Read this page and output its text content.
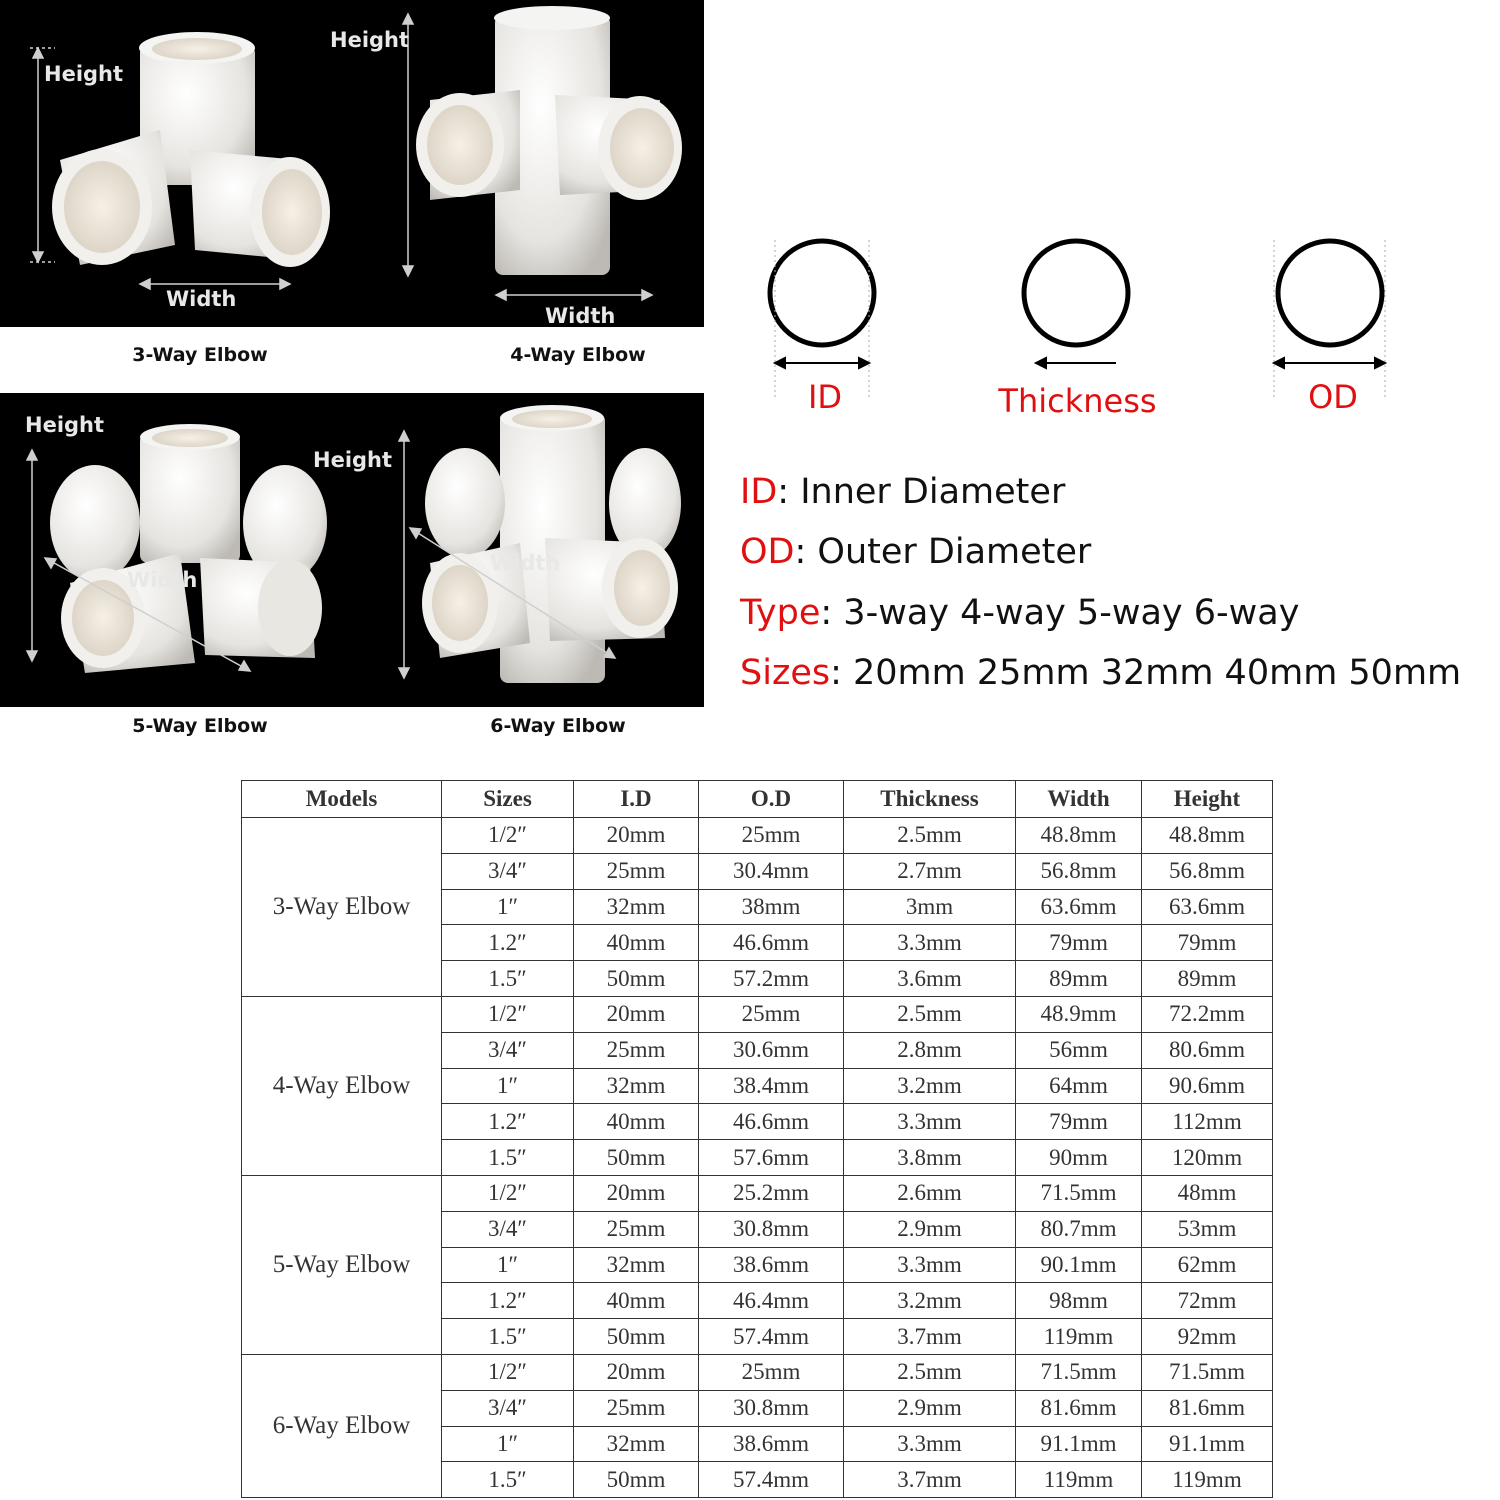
Height
Width
Height
Width
3-Way Elbow	4-Way Elbow
Height
Width
Height
Width
5-Way Elbow	6-Way Elbow
ID	Thickness	OD
ID: Inner Diameter
OD: Outer Diameter
Type: 3-way 4-way 5-way 6-way
Sizes: 20mm 25mm 32mm 40mm 50mm
Models	Sizes	I.D	O.D	Thickness	Width	Height
3-Way Elbow	1/2″	20mm	25mm	2.5mm	48.8mm	48.8mm
	3/4″	25mm	30.4mm	2.7mm	56.8mm	56.8mm
	1″	32mm	38mm	3mm	63.6mm	63.6mm
	1.2″	40mm	46.6mm	3.3mm	79mm	79mm
	1.5″	50mm	57.2mm	3.6mm	89mm	89mm
4-Way Elbow	1/2″	20mm	25mm	2.5mm	48.9mm	72.2mm
	3/4″	25mm	30.6mm	2.8mm	56mm	80.6mm
	1″	32mm	38.4mm	3.2mm	64mm	90.6mm
	1.2″	40mm	46.6mm	3.3mm	79mm	112mm
	1.5″	50mm	57.6mm	3.8mm	90mm	120mm
5-Way Elbow	1/2″	20mm	25.2mm	2.6mm	71.5mm	48mm
	3/4″	25mm	30.8mm	2.9mm	80.7mm	53mm
	1″	32mm	38.6mm	3.3mm	90.1mm	62mm
	1.2″	40mm	46.4mm	3.2mm	98mm	72mm
	1.5″	50mm	57.4mm	3.7mm	119mm	92mm
6-Way Elbow	1/2″	20mm	25mm	2.5mm	71.5mm	71.5mm
	3/4″	25mm	30.8mm	2.9mm	81.6mm	81.6mm
	1″	32mm	38.6mm	3.3mm	91.1mm	91.1mm
	1.5″	50mm	57.4mm	3.7mm	119mm	119mm
